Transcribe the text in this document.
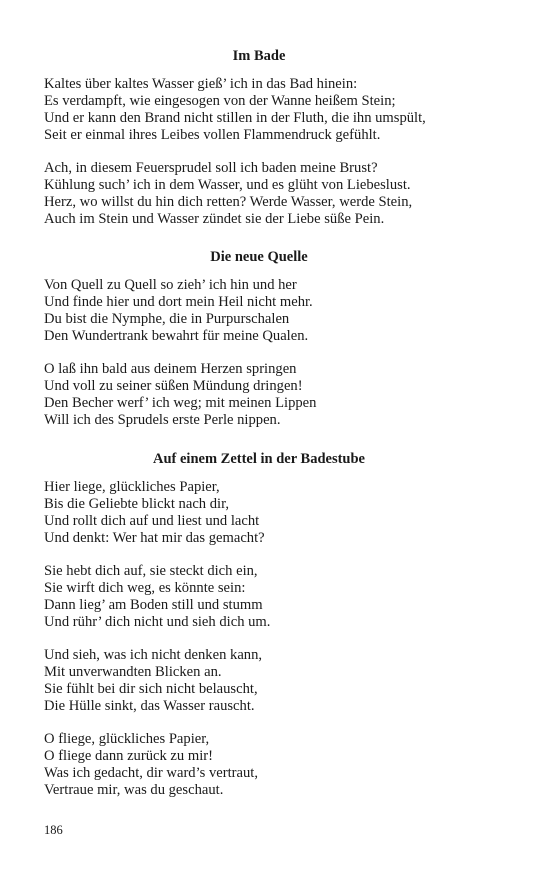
Im Bade

Kaltes über kaltes Wasser gieß’ ich in das Bad hinein:
Es verdampft, wie eingesogen von der Wanne heißem Stein;
Und er kann den Brand nicht stillen in der Fluth, die ihn umspült,
Seit er einmal ihres Leibes vollen Flammendruck gefühlt.

Ach, in diesem Feuersprudel soll ich baden meine Brust?
Kühlung such’ ich in dem Wasser, und es glüht von Liebeslust.
Herz, wo willst du hin dich retten? Werde Wasser, werde Stein,
Auch im Stein und Wasser zündet sie der Liebe süße Pein.

Die neue Quelle

Von Quell zu Quell so zieh’ ich hin und her
Und finde hier und dort mein Heil nicht mehr.
Du bist die Nymphe, die in Purpurschalen
Den Wundertrank bewahrt für meine Qualen.

O laß ihn bald aus deinem Herzen springen
Und voll zu seiner süßen Mündung dringen!
Den Becher werf’ ich weg; mit meinen Lippen
Will ich des Sprudels erste Perle nippen.

Auf einem Zettel in der Badestube

Hier liege, glückliches Papier,
Bis die Geliebte blickt nach dir,
Und rollt dich auf und liest und lacht
Und denkt: Wer hat mir das gemacht?

Sie hebt dich auf, sie steckt dich ein,
Sie wirft dich weg, es könnte sein:
Dann lieg’ am Boden still und stumm
Und rühr’ dich nicht und sieh dich um.

Und sieh, was ich nicht denken kann,
Mit unverwandten Blicken an.
Sie fühlt bei dir sich nicht belauscht,
Die Hülle sinkt, das Wasser rauscht.

O fliege, glückliches Papier,
O fliege dann zurück zu mir!
Was ich gedacht, dir ward’s vertraut,
Vertraue mir, was du geschaut.

186
